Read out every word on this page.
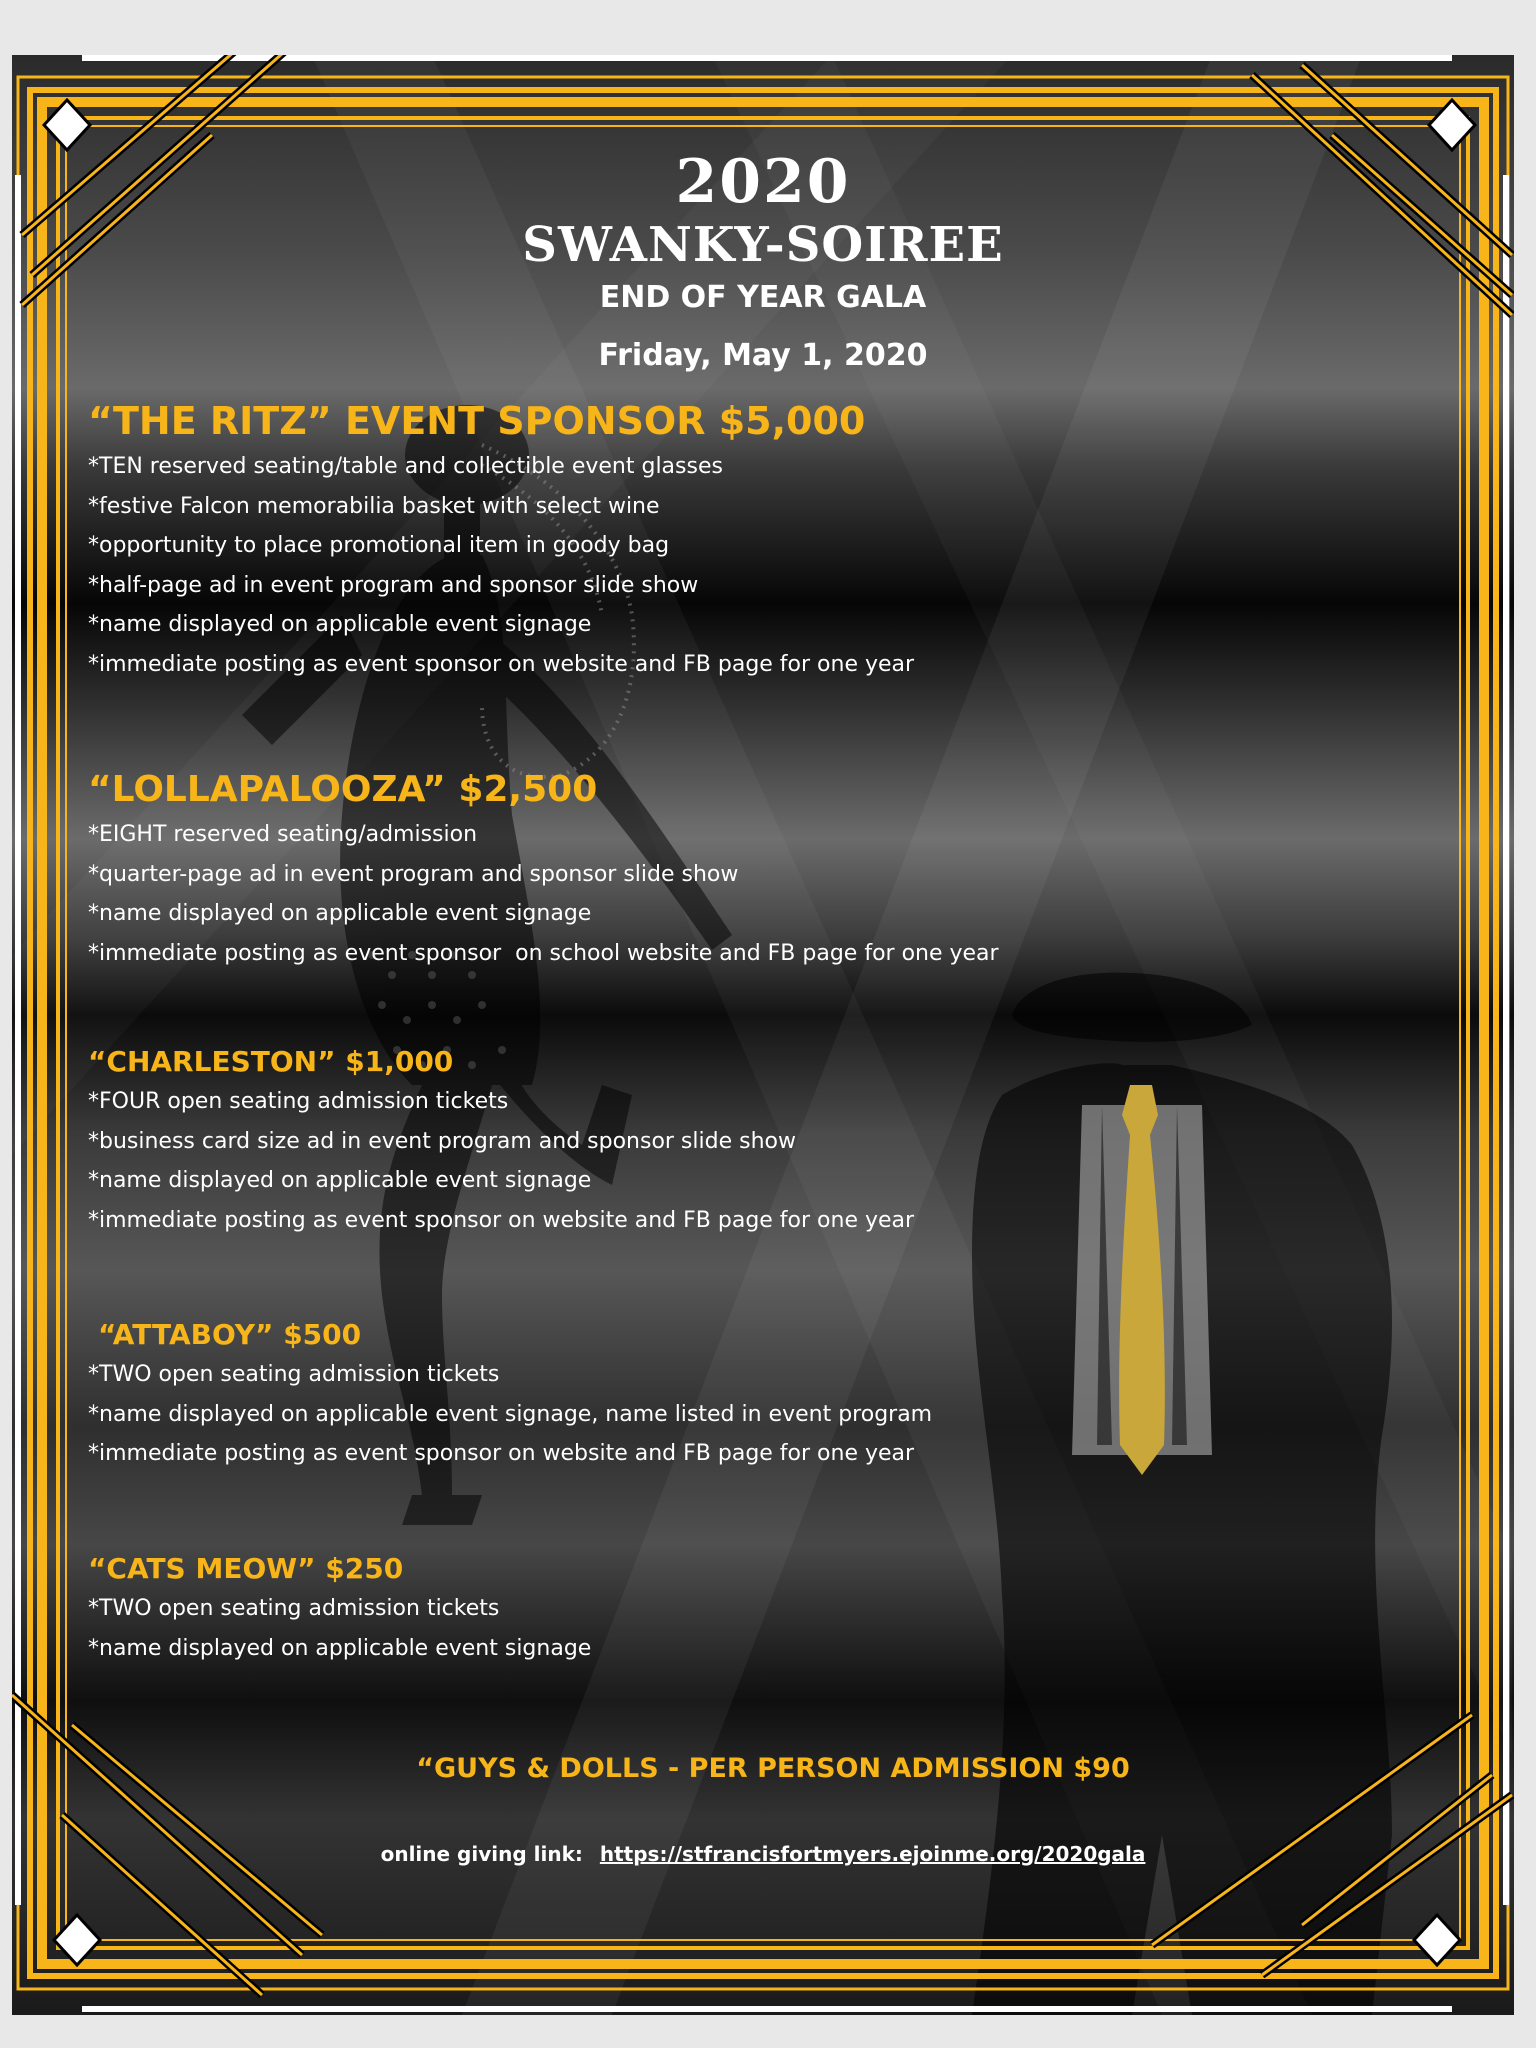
2020
SWANKY-SOIREE
END OF YEAR GALA
Friday, May 1, 2020
“THE RITZ” EVENT SPONSOR $5,000
*TEN reserved seating/table and collectible event glasses
*festive Falcon memorabilia basket with select wine
*opportunity to place promotional item in goody bag
*half-page ad in event program and sponsor slide show
*name displayed on applicable event signage
*immediate posting as event sponsor on website and FB page for one year
“LOLLAPALOOZA” $2,500
*EIGHT reserved seating/admission
*quarter-page ad in event program and sponsor slide show
*name displayed on applicable event signage
*immediate posting as event sponsor  on school website and FB page for one year
“CHARLESTON” $1,000
*FOUR open seating admission tickets
*business card size ad in event program and sponsor slide show
*name displayed on applicable event signage
*immediate posting as event sponsor on website and FB page for one year
“ATTABOY” $500
*TWO open seating admission tickets
*name displayed on applicable event signage, name listed in event program
*immediate posting as event sponsor on website and FB page for one year
“CATS MEOW” $250
*TWO open seating admission tickets
*name displayed on applicable event signage
“GUYS & DOLLS - PER PERSON ADMISSION $90
online giving link: https://stfrancisfortmyers.ejoinme.org/2020gala
